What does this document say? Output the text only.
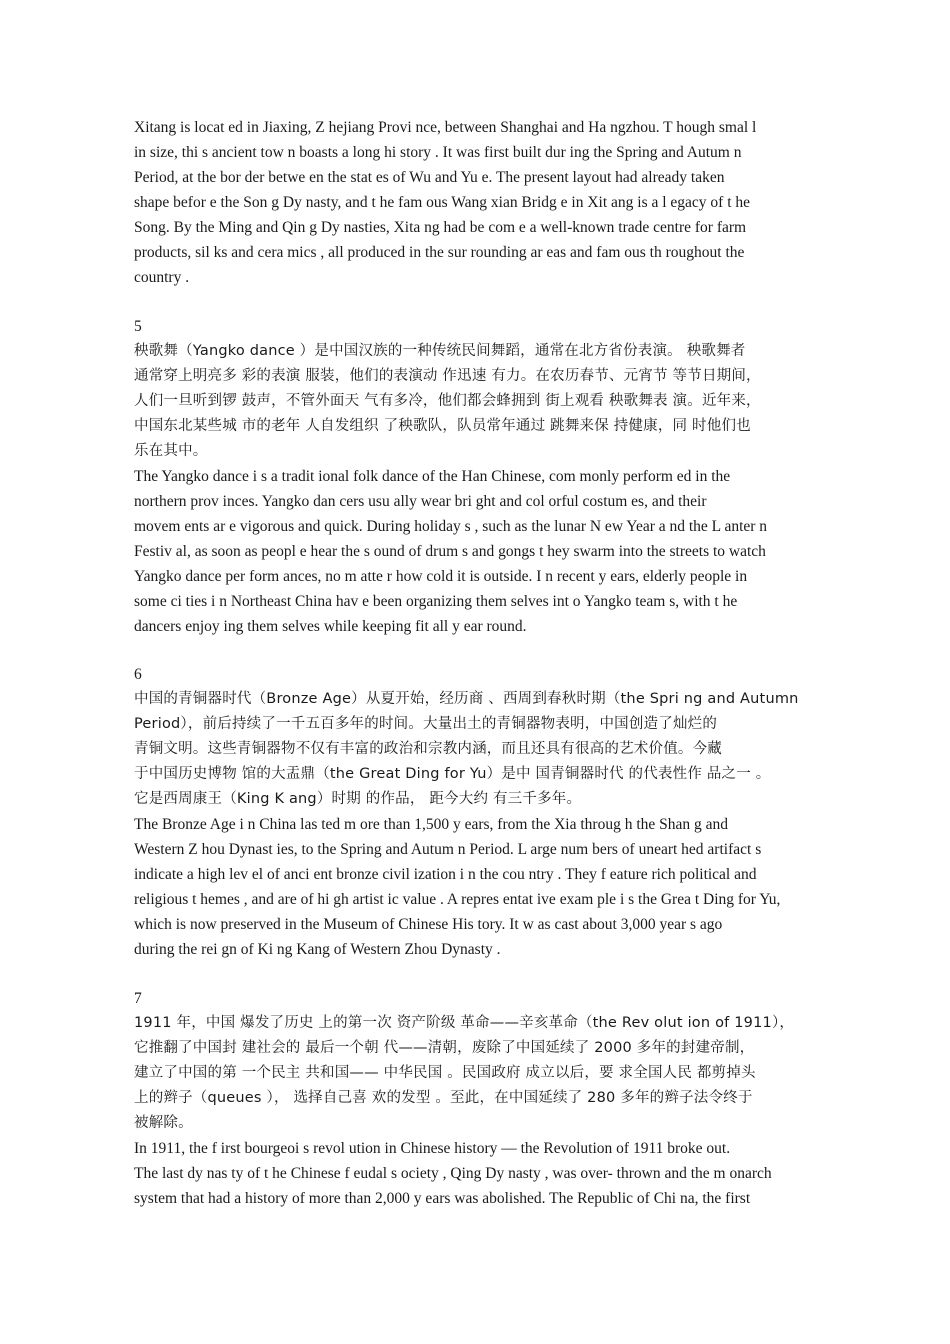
Xitang is locat ed in Jiaxing, Z hejiang Provi nce, between Shanghai and Ha ngzhou. T hough smal l
in size, thi s ancient tow n boasts a long hi story . It was first built dur ing the Spring and Autum n
Period, at the bor der betwe en the stat es of Wu and Yu e. The present layout had already taken
shape befor e the Son g Dy nasty, and t he fam ous Wang xian Bridg e in Xit ang is a l egacy of t he
Song. By the Ming and Qin g Dy nasties, Xita ng had be com e a well-known trade centre for farm
products, sil ks and cera mics , all produced in the sur rounding ar eas and fam ous th roughout the
country .
5
秧歌舞（Yangko dance ）是中国汉族的一种传统民间舞蹈，通常在北方省份表演。 秧歌舞者
通常穿上明亮多 彩的表演 服装，他们的表演动 作迅速 有力。在农历春节、元宵节 等节日期间，
人们一旦听到锣 鼓声，不管外面天 气有多冷，他们都会蜂拥到 街上观看 秧歌舞表 演。近年来，
中国东北某些城 市的老年 人自发组织 了秧歌队，队员常年通过 跳舞来保 持健康，同 时他们也
乐在其中。
The Yangko dance i s a tradit ional folk dance of the Han Chinese, com monly perform ed in the
northern prov inces. Yangko dan cers usu ally wear bri ght and col orful costum es, and their
movem ents ar e vigorous and quick. During holiday s , such as the lunar N ew Year a nd the L anter n
Festiv al, as soon as peopl e hear the s ound of drum s and gongs t hey swarm into the streets to watch
Yangko dance per form ances, no m atte r how cold it is outside. I n recent y ears, elderly people in
some ci ties i n Northeast China hav e been organizing them selves int o Yangko team s, with t he
dancers enjoy ing them selves while keeping fit all y ear round.
6
中国的青铜器时代（Bronze Age）从夏开始，经历商 、西周到春秋时期（the Spri ng and Autumn
Period），前后持续了一千五百多年的时间。大量出土的青铜器物表明，中国创造了灿烂的
青铜文明。这些青铜器物不仅有丰富的政治和宗教内涵，而且还具有很高的艺术价值。今藏
于中国历史博物 馆的大盂鼎（the Great Ding for Yu）是中 国青铜器时代 的代表性作 品之一 。
它是西周康王（King K ang）时期 的作品， 距今大约 有三千多年。
The Bronze Age i n China las ted m ore than 1,500 y ears, from the Xia throug h the Shan g and
Western Z hou Dynast ies, to the Spring and Autum n Period. L arge num bers of uneart hed artifact s
indicate a high lev el of anci ent bronze civil ization i n the cou ntry . They f eature rich political and
religious t hemes , and are of hi gh artist ic value . A repres entat ive exam ple i s the Grea t Ding for Yu,
which is now preserved in the Museum of Chinese His tory. It w as cast about 3,000 year s ago
during the rei gn of Ki ng Kang of Western Zhou Dynasty .
7
1911 年，中国 爆发了历史 上的第一次 资产阶级 革命——辛亥革命（the Rev olut ion of 1911），
它推翻了中国封 建社会的 最后一个朝 代——清朝，废除了中国延续了 2000 多年的封建帝制，
建立了中国的第 一个民主 共和国—— 中华民国 。民国政府 成立以后，要 求全国人民 都剪掉头
上的辫子（queues ）， 选择自己喜 欢的发型 。至此，在中国延续了 280 多年的辫子法令终于
被解除。
In 1911, the f irst bourgeoi s revol ution in Chinese history — the Revolution of 1911 broke out.
The last dy nas ty of t he Chinese f eudal s ociety , Qing Dy nasty , was over- thrown and the m onarch
system that had a history of more than 2,000 y ears was abolished. The Republic of Chi na, the first
